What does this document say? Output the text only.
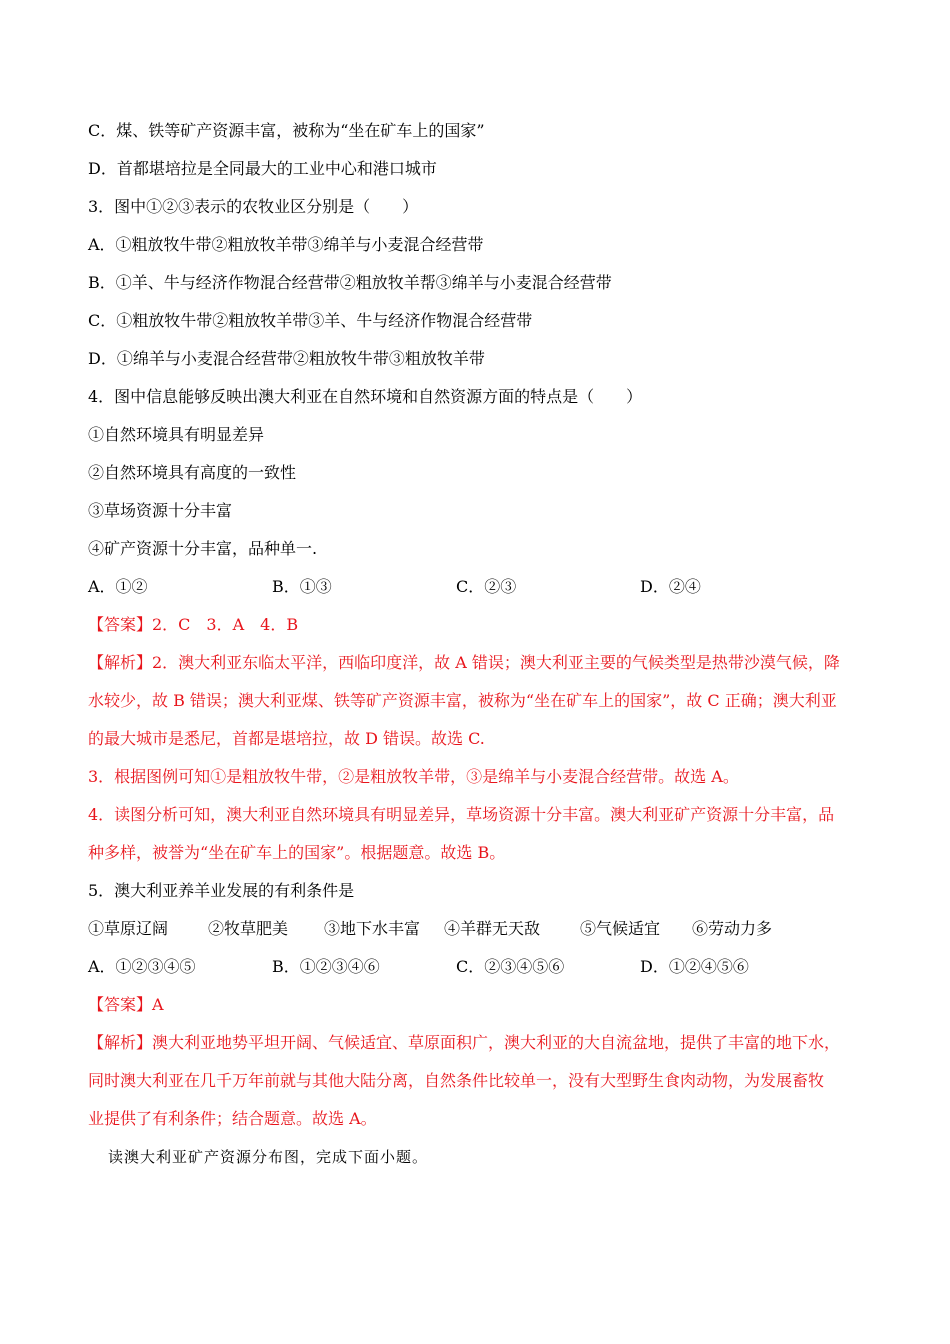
C．煤、铁等矿产资源丰富，被称为“坐在矿车上的国家”
D．首都堪培拉是全同最大的工业中心和港口城市
3．图中①②③表示的农牧业区分别是（　　）
A．①粗放牧牛带②粗放牧羊带③绵羊与小麦混合经营带
B．①羊、牛与经济作物混合经营带②粗放牧羊帮③绵羊与小麦混合经营带
C．①粗放牧牛带②粗放牧羊带③羊、牛与经济作物混合经营带
D．①绵羊与小麦混合经营带②粗放牧牛带③粗放牧羊带
4．图中信息能够反映出澳大利亚在自然环境和自然资源方面的特点是（　　）
①自然环境具有明显差异
②自然环境具有高度的一致性
③草场资源十分丰富
④矿产资源十分丰富，品种单一.
A．①②	B．①③	C．②③	D．②④
【答案】2．C　3．A　4．B
【解析】2．澳大利亚东临太平洋，西临印度洋，故 A 错误；澳大利亚主要的气候类型是热带沙漠气候，降
水较少，故 B 错误；澳大利亚煤、铁等矿产资源丰富，被称为“坐在矿车上的国家”，故 C 正确；澳大利亚
的最大城市是悉尼，首都是堪培拉，故 D 错误。故选 C.
3．根据图例可知①是粗放牧牛带，②是粗放牧羊带，③是绵羊与小麦混合经营带。故选 A。
4．读图分析可知，澳大利亚自然环境具有明显差异，草场资源十分丰富。澳大利亚矿产资源十分丰富，品
种多样，被誉为“坐在矿车上的国家”。根据题意。故选 B。
5．澳大利亚养羊业发展的有利条件是
①草原辽阔	②牧草肥美	③地下水丰富	④羊群无天敌	⑤气候适宜	⑥劳动力多
A．①②③④⑤	B．①②③④⑥	C．②③④⑤⑥	D．①②④⑤⑥
【答案】A
【解析】澳大利亚地势平坦开阔、气候适宜、草原面积广，澳大利亚的大自流盆地，提供了丰富的地下水，
同时澳大利亚在几千万年前就与其他大陆分离，自然条件比较单一，没有大型野生食肉动物，为发展畜牧
业提供了有利条件；结合题意。故选 A。
读澳大利亚矿产资源分布图，完成下面小题。
